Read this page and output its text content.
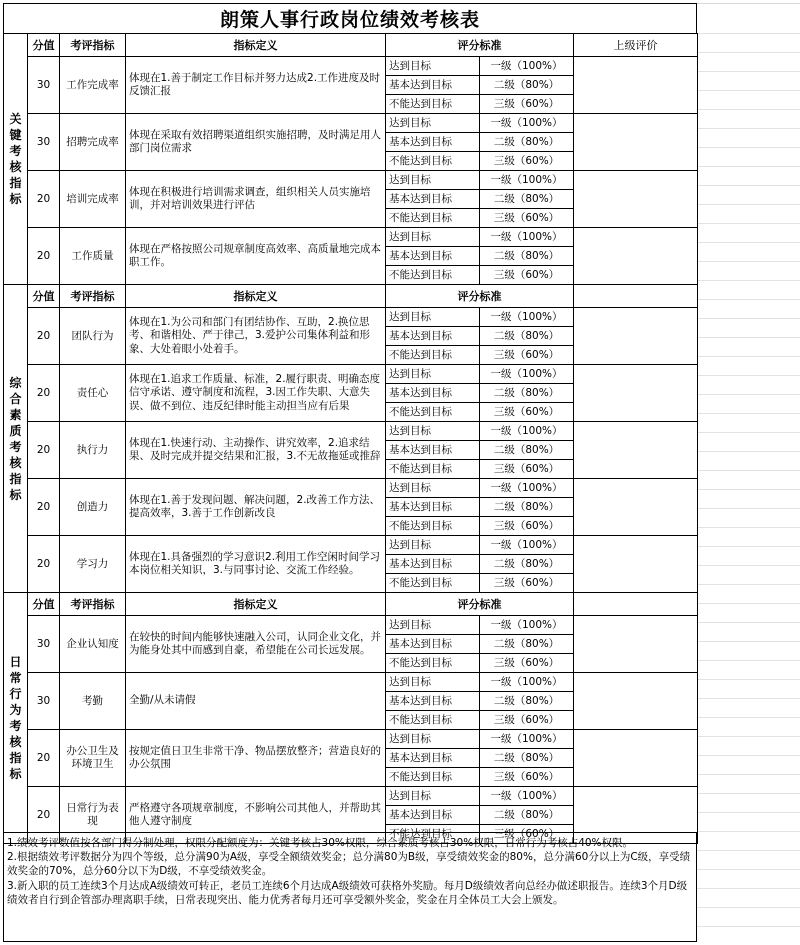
朗策人事行政岗位绩效考核表
关键考核指标	分值	考评指标	指标定义	评分标准		上级评价
	30	工作完成率	体现在1.善于制定工作目标并努力达成2.工作进度及时反馈汇报	达到目标	一级（100%）	
				基本达到目标	二级（80%）	
				不能达到目标	三级（60%）	
	30	招聘完成率	体现在采取有效招聘渠道组织实施招聘，及时满足用人部门岗位需求	达到目标	一级（100%）	
				基本达到目标	二级（80%）	
				不能达到目标	三级（60%）	
	20	培训完成率	体现在积极进行培训需求调查，组织相关人员实施培训，并对培训效果进行评估	达到目标	一级（100%）	
				基本达到目标	二级（80%）	
				不能达到目标	三级（60%）	
	20	工作质量	体现在严格按照公司规章制度高效率、高质量地完成本职工作。	达到目标	一级（100%）	
				基本达到目标	二级（80%）	
				不能达到目标	三级（60%）	
综合素质考核指标	分值	考评指标	指标定义	评分标准		
	20	团队行为	体现在1.为公司和部门有团结协作、互助，2.换位思考、和谐相处、严于律己，3.爱护公司集体利益和形象、大处着眼小处着手。	达到目标	一级（100%）	
				基本达到目标	二级（80%）	
				不能达到目标	三级（60%）	
	20	责任心	体现在1.追求工作质量、标准，2.履行职责、明确态度信守承诺、遵守制度和流程，3.因工作失职、大意失误、做不到位、违反纪律时能主动担当应有后果	达到目标	一级（100%）	
				基本达到目标	二级（80%）	
				不能达到目标	三级（60%）	
	20	执行力	体现在1.快速行动、主动操作、讲究效率，2.追求结果、及时完成并提交结果和汇报，3.不无故拖延或推辞	达到目标	一级（100%）	
				基本达到目标	二级（80%）	
				不能达到目标	三级（60%）	
	20	创造力	体现在1.善于发现问题、解决问题，2.改善工作方法、提高效率，3.善于工作创新改良	达到目标	一级（100%）	
				基本达到目标	二级（80%）	
				不能达到目标	三级（60%）	
	20	学习力	体现在1.具备强烈的学习意识2.利用工作空闲时间学习本岗位相关知识，3.与同事讨论、交流工作经验。	达到目标	一级（100%）	
				基本达到目标	二级（80%）	
				不能达到目标	三级（60%）	
日常行为考核指标	分值	考评指标	指标定义	评分标准		
	30	企业认知度	在较快的时间内能够快速融入公司，认同企业文化，并为能身处其中而感到自豪，希望能在公司长远发展。	达到目标	一级（100%）	
				基本达到目标	二级（80%）	
				不能达到目标	三级（60%）	
	30	考勤	全勤/从未请假	达到目标	一级（100%）	
				基本达到目标	二级（80%）	
				不能达到目标	三级（60%）	
	20	办公卫生及环境卫生	按规定值日卫生非常干净、物品摆放整齐；营造良好的办公氛围	达到目标	一级（100%）	
				基本达到目标	二级（80%）	
				不能达到目标	三级（60%）	
	20	日常行为表现	严格遵守各项规章制度，不影响公司其他人，并帮助其他人遵守制度	达到目标	一级（100%）	
				基本达到目标	二级（80%）	
				不能达到目标	三级（60%）	

1.绩效考评数值按各部门得分制处理，权限分配额度为：关键考核占30%权限，综合素质考核占30%权限，日常行为考核占40%权限。

2.根据绩效考评数据分为四个等级，总分满90为A级，享受全额绩效奖金；总分满80为B级，享受绩效奖金的80%，总分满60分以上为C级，享受绩效奖金的70%，总分60分以下为D级，不享受绩效奖金。

3.新入职的员工连续3个月达成A级绩效可转正，老员工连续6个月达成A级绩效可获格外奖励。每月D级绩效者向总经办做述职报告。连续3个月D级绩效者自行到企管部办理离职手续，日常表现突出、能力优秀者每月还可享受额外奖金，奖金在月全体员工大会上颁发。
